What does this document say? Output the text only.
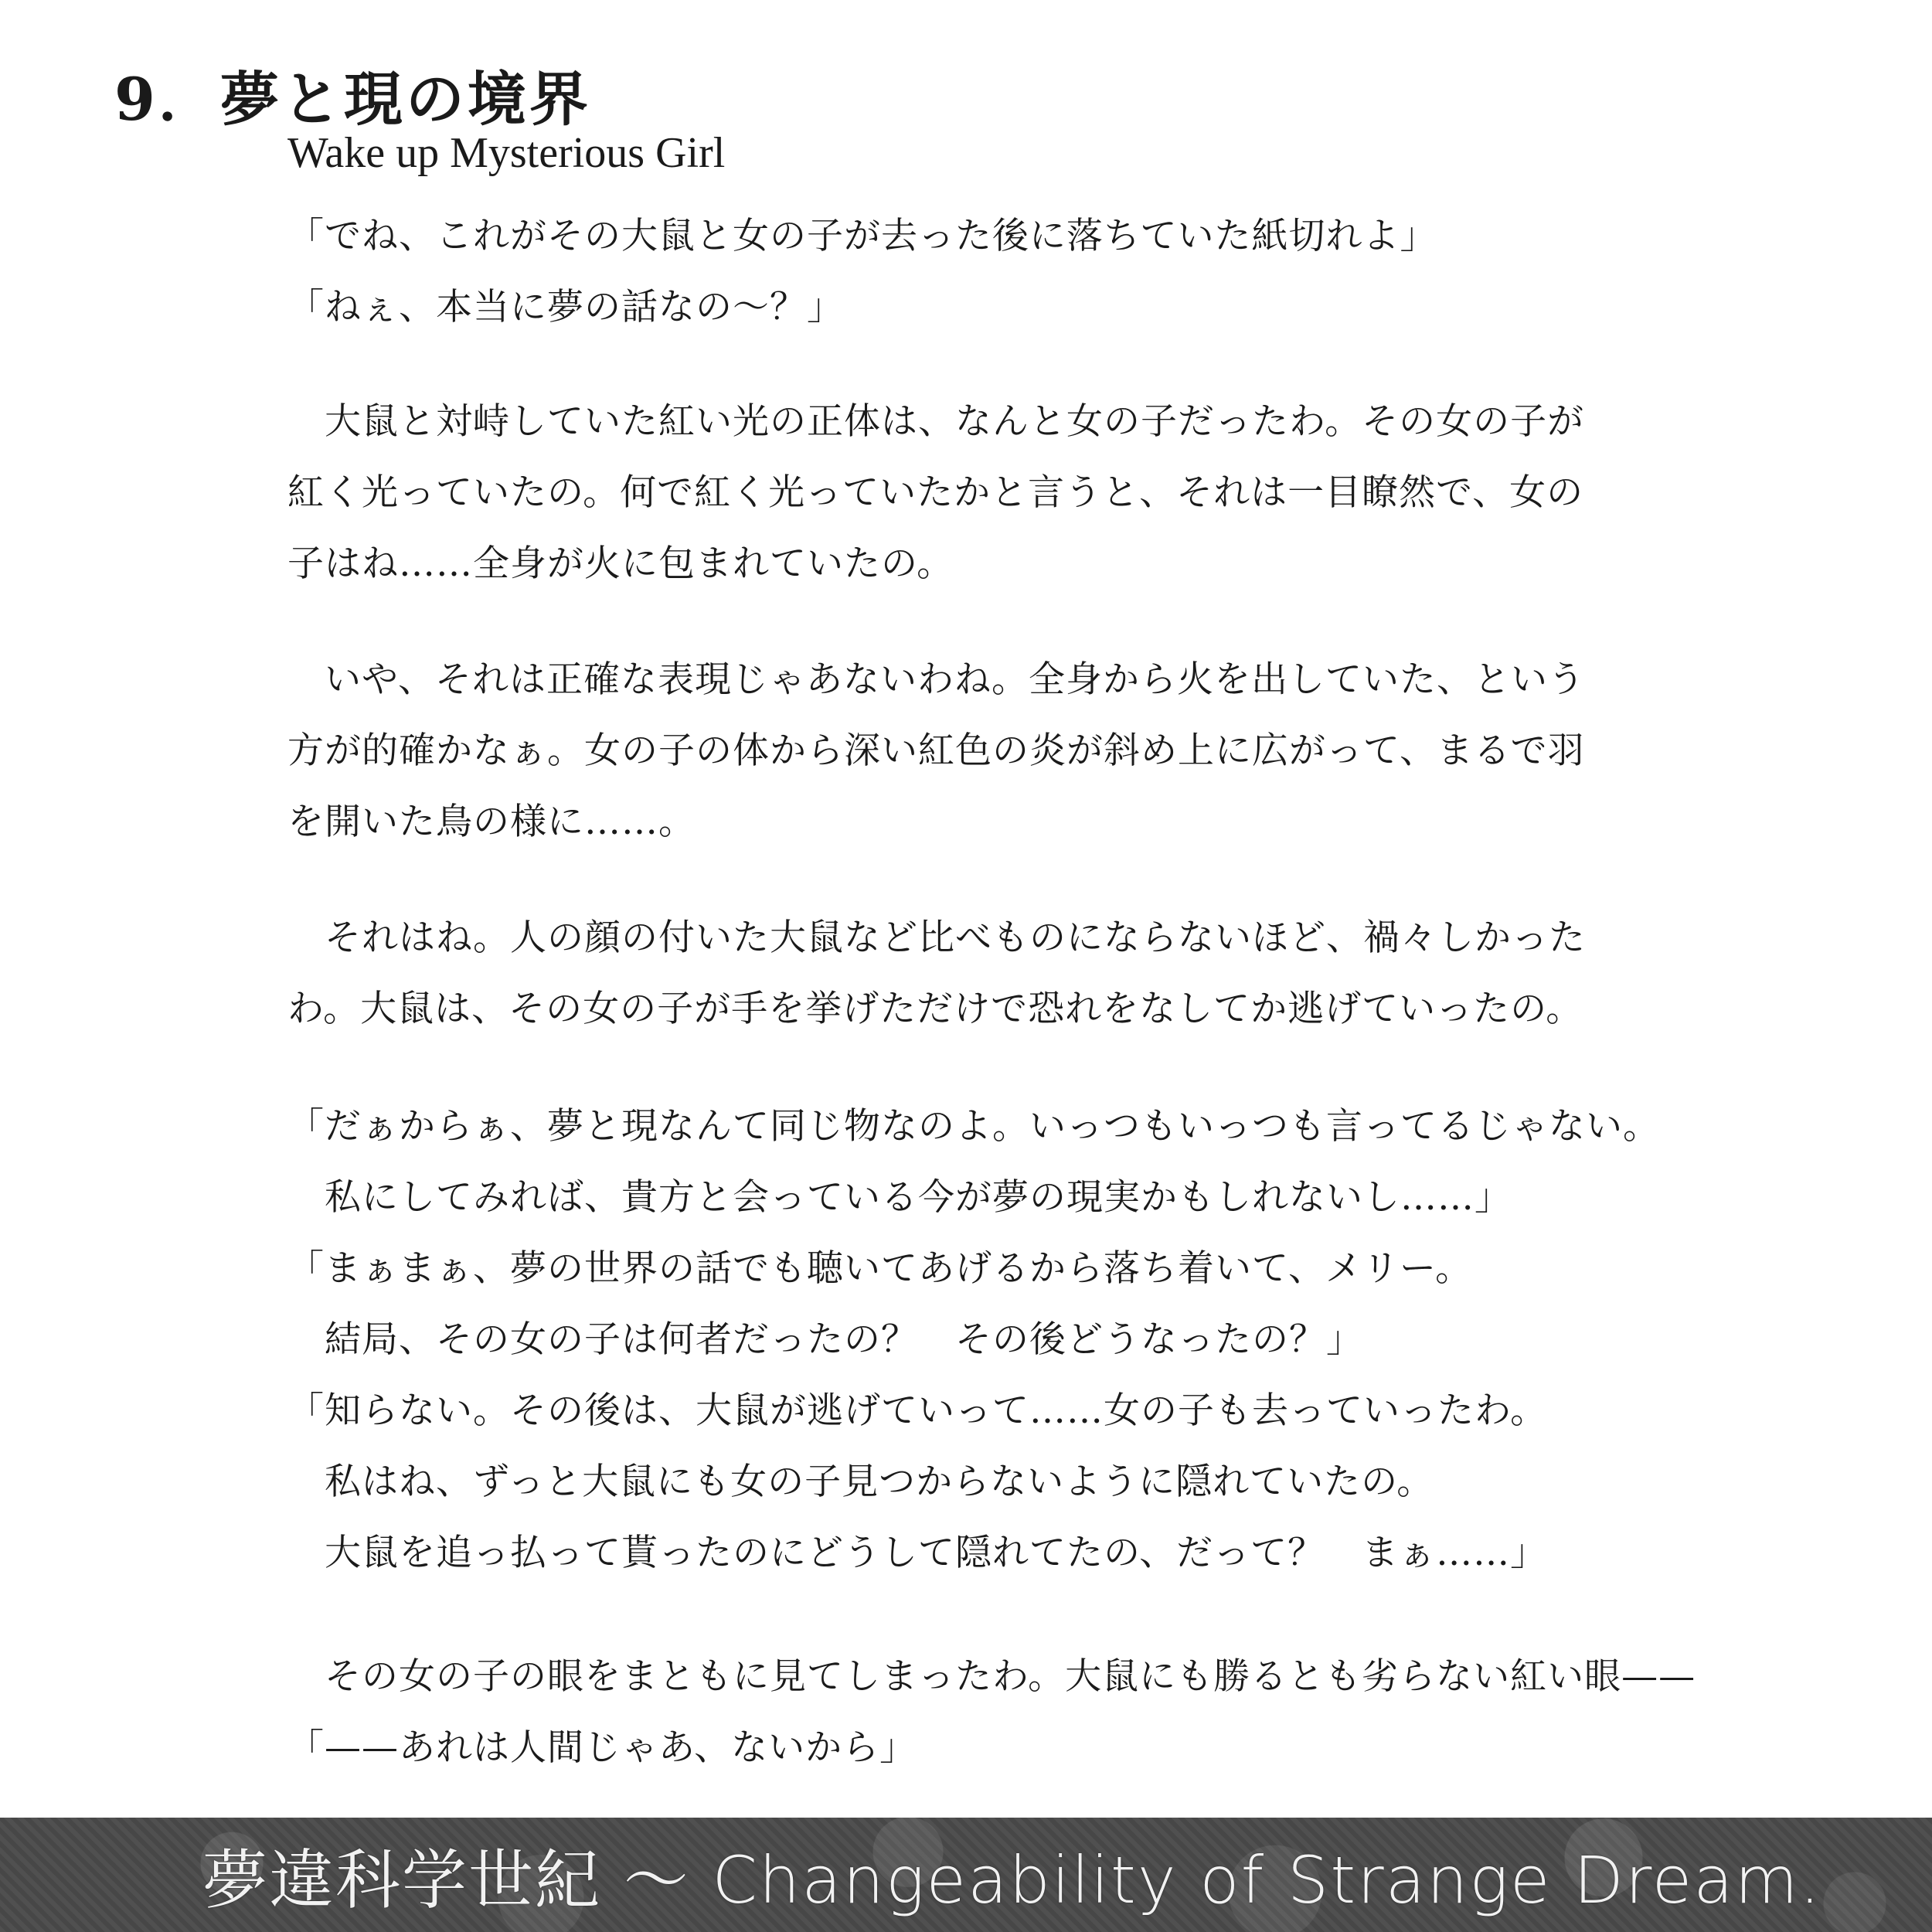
9．夢と現の境界
Wake up Mysterious Girl
「でね、これがその大鼠と女の子が去った後に落ちていた紙切れよ」
「ねぇ、本当に夢の話なの〜？」
　大鼠と対峙していた紅い光の正体は、なんと女の子だったわ。その女の子が
紅く光っていたの。何で紅く光っていたかと言うと、それは一目瞭然で、女の
子はね……全身が火に包まれていたの。
　いや、それは正確な表現じゃあないわね。全身から火を出していた、という
方が的確かなぁ。女の子の体から深い紅色の炎が斜め上に広がって、まるで羽
を開いた鳥の様に……。
　それはね。人の顔の付いた大鼠など比べものにならないほど、禍々しかった
わ。大鼠は、その女の子が手を挙げただけで恐れをなしてか逃げていったの。
「だぁからぁ、夢と現なんて同じ物なのよ。いっつもいっつも言ってるじゃない。
　私にしてみれば、貴方と会っている今が夢の現実かもしれないし……」
「まぁまぁ、夢の世界の話でも聴いてあげるから落ち着いて、メリー。
　結局、その女の子は何者だったの？　その後どうなったの？」
「知らない。その後は、大鼠が逃げていって……女の子も去っていったわ。
　私はね、ずっと大鼠にも女の子見つからないように隠れていたの。
　大鼠を追っ払って貰ったのにどうして隠れてたの、だって？　まぁ……」
　その女の子の眼をまともに見てしまったわ。大鼠にも勝るとも劣らない紅い眼——
「——あれは人間じゃあ、ないから」
夢違科学世紀 ～ Changeability of Strange Dream.
